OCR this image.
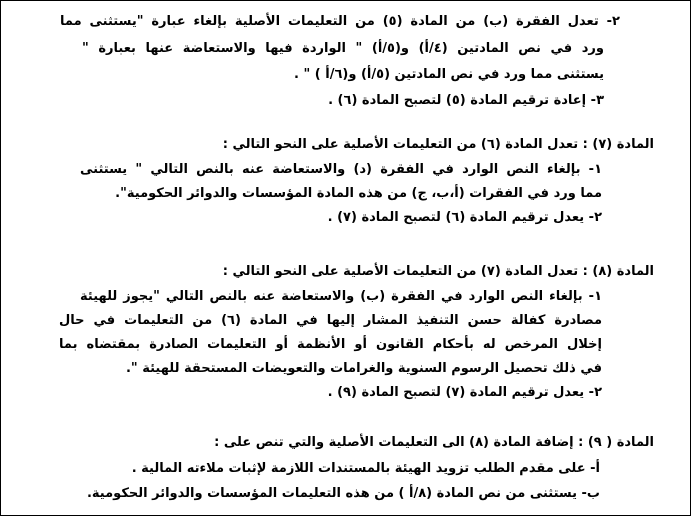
٢- تعدل الفقرة (ب) من المادة (٥) من التعليمات الأصلية بإلغاء عبارة "يستثنى مما
ورد في نص المادتين (٤/أ) و(٥/أ) " الواردة فيها والاستعاضة عنها بعبارة "
يستثنى مما ورد في نص المادتين (٥/أ) و(٦/أ ) " .
٣- إعادة ترقيم المادة (٥) لتصبح المادة (٦) .
المادة (٧) : تعدل المادة (٦) من التعليمات الأصلية على النحو التالي :
١- بإلغاء النص الوارد في الفقرة (د) والاستعاضة عنه بالنص التالي " يستثنى
مما ورد في الفقرات (أ،ب، ج) من هذه المادة المؤسسات والدوائر الحكومية".
٢- يعدل ترقيم المادة (٦) لتصبح المادة (٧) .
المادة (٨) : تعدل المادة (٧) من التعليمات الأصلية على النحو التالي :
١- بإلغاء النص الوارد في الفقرة (ب) والاستعاضة عنه بالنص التالي "يجوز للهيئة
مصادرة كفالة حسن التنفيذ المشار إليها في المادة (٦) من التعليمات في حال
إخلال المرخص له بأحكام القانون أو الأنظمة أو التعليمات الصادرة بمقتضاه بما
في ذلك تحصيل الرسوم السنوية والغرامات والتعويضات المستحقة للهيئة ".
٢- يعدل ترقيم المادة (٧) لتصبح المادة (٩) .
المادة ( ٩) : إضافة المادة (٨) الى التعليمات الأصلية والتي تنص على :
أ- على مقدم الطلب تزويد الهيئة بالمستندات اللازمة لإثبات ملاءته المالية .
ب- يستثنى من نص المادة (٨/أ ) من هذه التعليمات المؤسسات والدوائر الحكومية.
